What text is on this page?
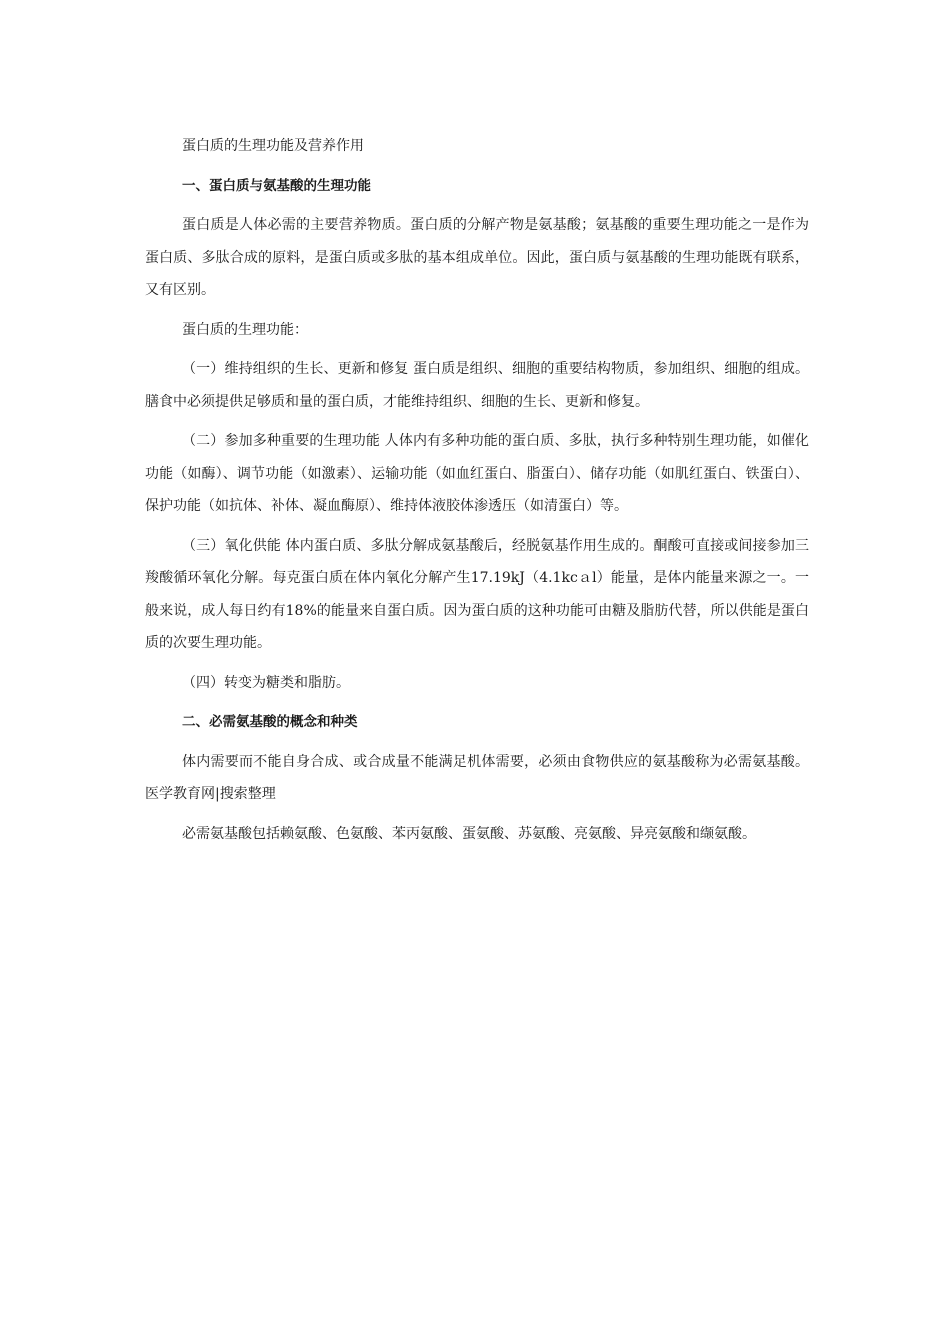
蛋白质的生理功能及营养作用

一、蛋白质与氨基酸的生理功能

蛋白质是人体必需的主要营养物质。蛋白质的分解产物是氨基酸；氨基酸的重要生理功能之一是作为蛋白质、多肽合成的原料，是蛋白质或多肽的基本组成单位。因此，蛋白质与氨基酸的生理功能既有联系，又有区别。

蛋白质的生理功能：

（一）维持组织的生长、更新和修复 蛋白质是组织、细胞的重要结构物质，参加组织、细胞的组成。膳食中必须提供足够质和量的蛋白质，才能维持组织、细胞的生长、更新和修复。

（二）参加多种重要的生理功能 人体内有多种功能的蛋白质、多肽，执行多种特别生理功能，如催化功能（如酶）、调节功能（如激素）、运输功能（如血红蛋白、脂蛋白）、储存功能（如肌红蛋白、铁蛋白）、保护功能（如抗体、补体、凝血酶原）、维持体液胶体渗透压（如清蛋白）等。

（三）氧化供能 体内蛋白质、多肽分解成氨基酸后，经脱氨基作用生成的。酮酸可直接或间接参加三羧酸循环氧化分解。每克蛋白质在体内氧化分解产生17.19kJ（4.1kcａl）能量，是体内能量来源之一。一般来说，成人每日约有18%的能量来自蛋白质。因为蛋白质的这种功能可由糖及脂肪代替，所以供能是蛋白质的次要生理功能。

（四）转变为糖类和脂肪。

二、必需氨基酸的概念和种类

体内需要而不能自身合成、或合成量不能满足机体需要，必须由食物供应的氨基酸称为必需氨基酸。医学教育网|搜索整理

必需氨基酸包括赖氨酸、色氨酸、苯丙氨酸、蛋氨酸、苏氨酸、亮氨酸、异亮氨酸和缬氨酸。
